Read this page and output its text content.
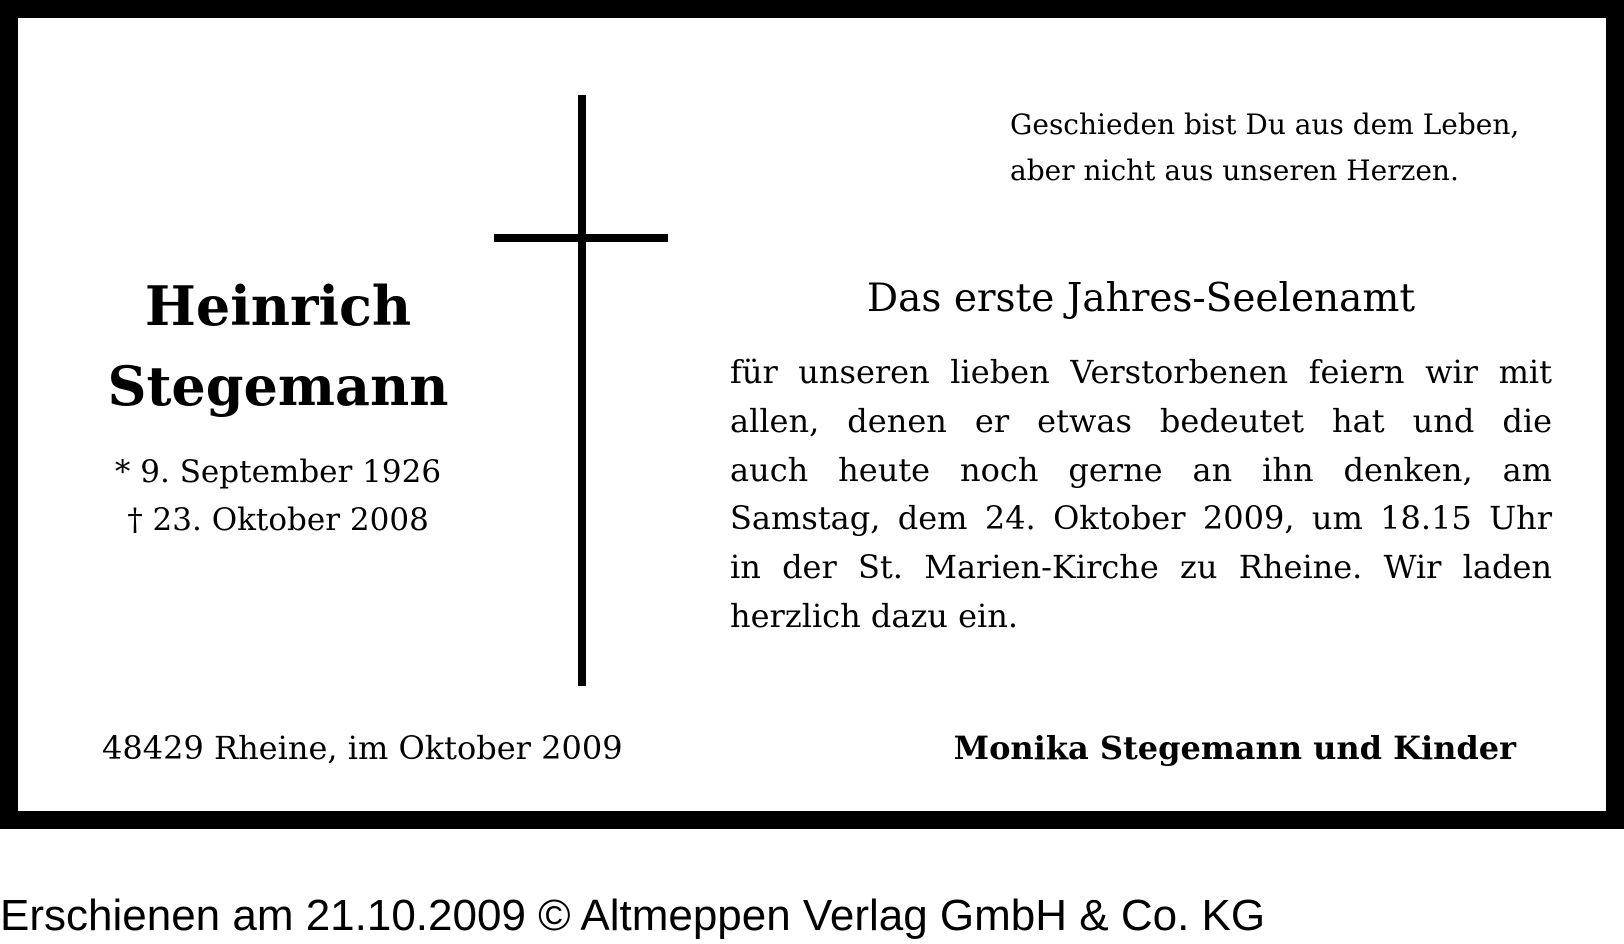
Heinrich
Stegemann
* 9. September 1926
† 23. Oktober 2008
Geschieden bist Du aus dem Leben,
aber nicht aus unseren Herzen.
Das erste Jahres-Seelenamt
für unseren lieben Verstorbenen feiern wir mit
allen, denen er etwas bedeutet hat und die
auch heute noch gerne an ihn denken, am
Samstag, dem 24. Oktober 2009, um 18.15 Uhr
in der St. Marien-Kirche zu Rheine. Wir laden
herzlich dazu ein.
48429 Rheine, im Oktober 2009	Monika Stegemann und Kinder
Erschienen am 21.10.2009 © Altmeppen Verlag GmbH & Co. KG
